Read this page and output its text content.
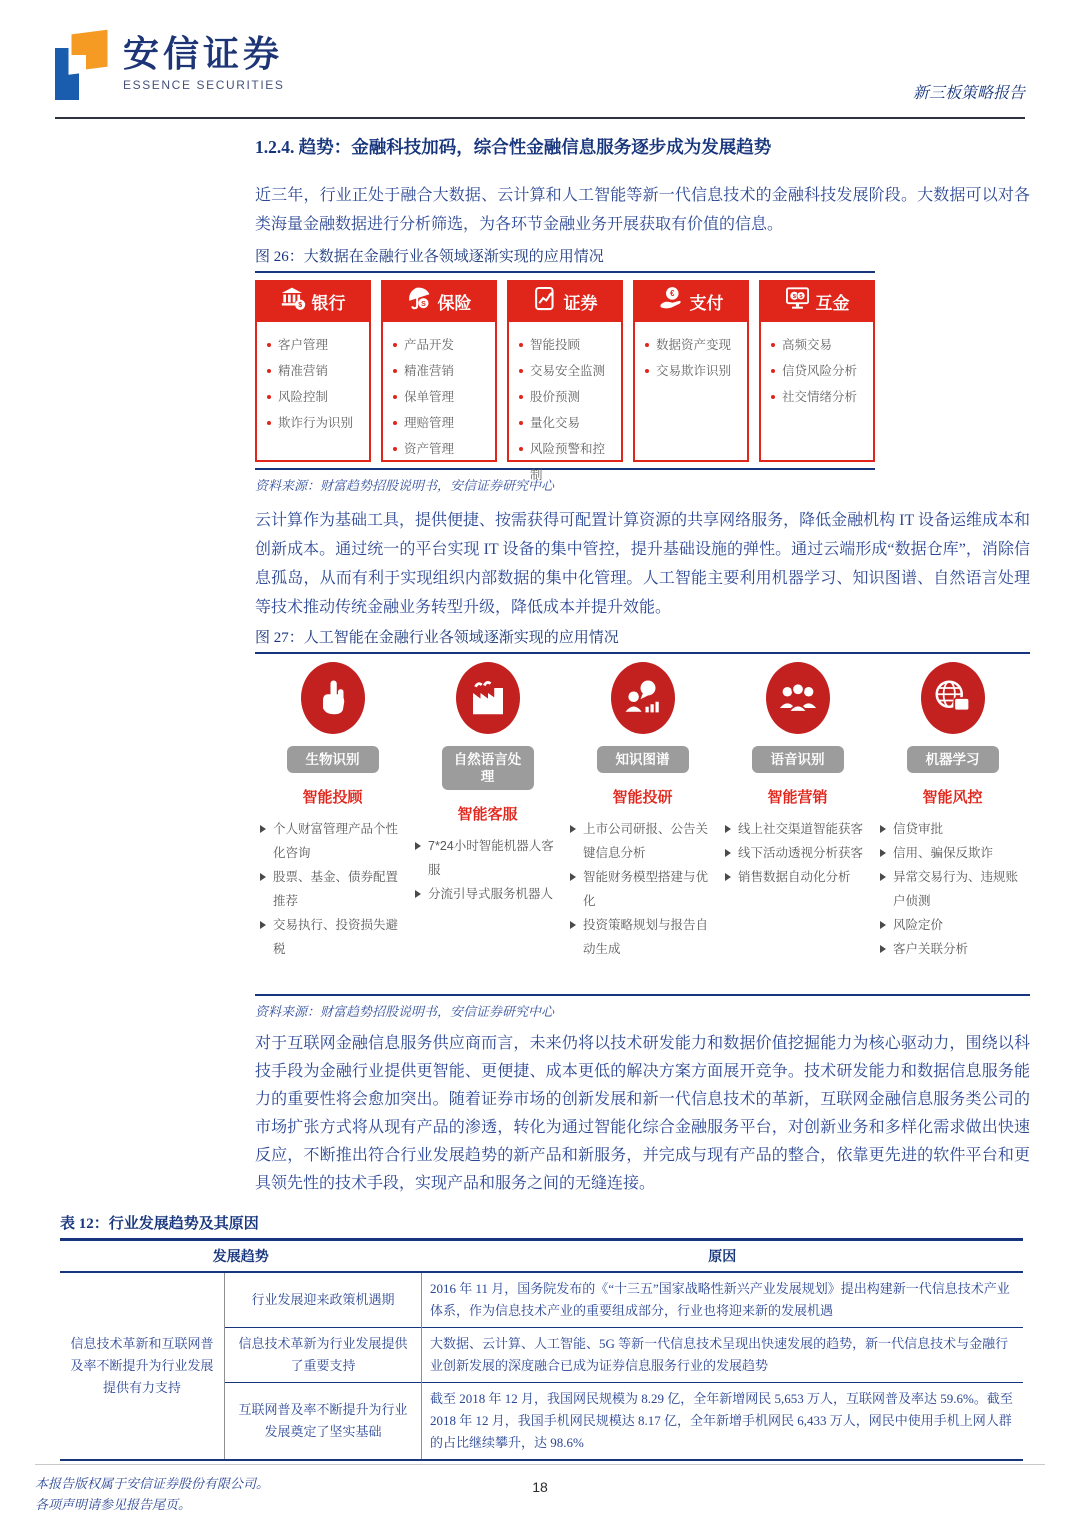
安信证券
ESSENCE SECURITIES	新三板策略报告
1.2.4. 趋势：金融科技加码，综合性金融信息服务逐步成为发展趋势

近三年，行业正处于融合大数据、云计算和人工智能等新一代信息技术的金融科技发展阶段。大数据可以对各类海量金融数据进行分析筛选，为各环节金融业务开展获取有价值的信息。

图 26：大数据在金融行业各领域逐渐实现的应用情况
$ 银行
客户管理
精准营销
风险控制
欺诈行为识别
S 保险
产品开发
精准营销
保单管理
理赔管理
资产管理
证券
智能投顾
交易安全监测
股价预测
量化交易
风险预警和控制
€ 支付
数据资产变现
交易欺诈识别
$ $ 互金
高频交易
信贷风险分析
社交情绪分析
资料来源：财富趋势招股说明书，安信证券研究中心

云计算作为基础工具，提供便捷、按需获得可配置计算资源的共享网络服务，降低金融机构 IT 设备运维成本和创新成本。通过统一的平台实现 IT 设备的集中管控，提升基础设施的弹性。通过云端形成“数据仓库”，消除信息孤岛，从而有利于实现组织内部数据的集中化管理。人工智能主要利用机器学习、知识图谱、自然语言处理等技术推动传统金融业务转型升级，降低成本并提升效能。

图 27：人工智能在金融行业各领域逐渐实现的应用情况
生物识别
智能投顾
个人财富管理产品个性化咨询
股票、基金、债券配置推荐
交易执行、投资损失避税
自然语言处理
智能客服
7*24小时智能机器人客服
分流引导式服务机器人
知识图谱
智能投研
上市公司研报、公告关键信息分析
智能财务模型搭建与优化
投资策略规划与报告自动生成
语音识别
智能营销
线上社交渠道智能获客
线下活动透视分析获客
销售数据自动化分析
机器学习
智能风控
信贷审批
信用、骗保反欺诈
异常交易行为、违规账户侦测
风险定价
客户关联分析
资料来源：财富趋势招股说明书，安信证券研究中心

对于互联网金融信息服务供应商而言，未来仍将以技术研发能力和数据价值挖掘能力为核心驱动力，围绕以科技手段为金融行业提供更智能、更便捷、成本更低的解决方案方面展开竞争。技术研发能力和数据信息服务能力的重要性将会愈加突出。随着证券市场的创新发展和新一代信息技术的革新，互联网金融信息服务类公司的市场扩张方式将从现有产品的渗透，转化为通过智能化综合金融服务平台，对创新业务和多样化需求做出快速反应，不断推出符合行业发展趋势的新产品和新服务，并完成与现有产品的整合，依靠更先进的软件平台和更具领先性的技术手段，实现产品和服务之间的无缝连接。

表 12：行业发展趋势及其原因
发展趋势		原因
信息技术革新和互联网普及率不断提升为行业发展提供有力支持	行业发展迎来政策机遇期	2016 年 11 月，国务院发布的《“十三五”国家战略性新兴产业发展规划》提出构建新一代信息技术产业体系，作为信息技术产业的重要组成部分，行业也将迎来新的发展机遇
	信息技术革新为行业发展提供了重要支持	大数据、云计算、人工智能、5G 等新一代信息技术呈现出快速发展的趋势，新一代信息技术与金融行业创新发展的深度融合已成为证券信息服务行业的发展趋势
	互联网普及率不断提升为行业发展奠定了坚实基础	截至 2018 年 12 月，我国网民规模为 8.29 亿，全年新增网民 5,653 万人，互联网普及率达 59.6%。截至 2018 年 12 月，我国手机网民规模达 8.17 亿，全年新增手机网民 6,433 万人，网民中使用手机上网人群的占比继续攀升，达 98.6%
本报告版权属于安信证券股份有限公司。
各项声明请参见报告尾页。
18
